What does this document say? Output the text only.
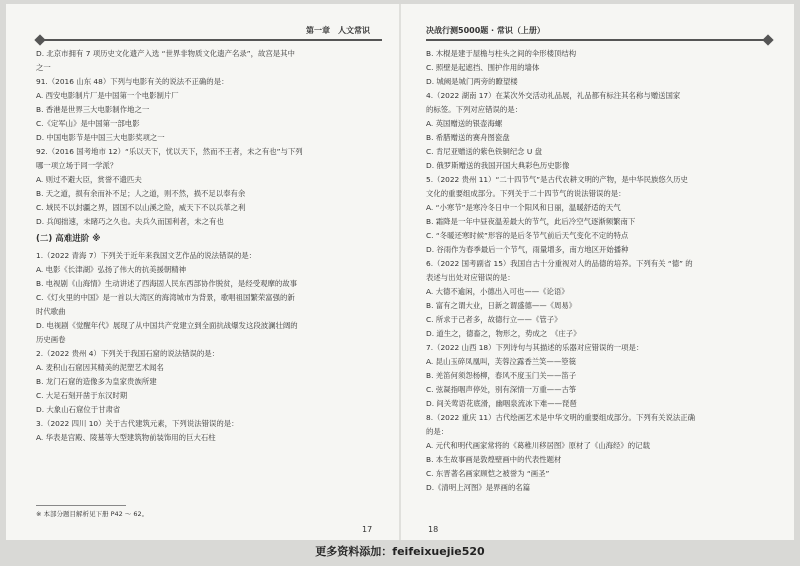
第一章　人文常识
D. 北京市拥有 7 项历史文化遗产入选 “世界非物质文化遗产名录”，故宫是其中
之一
91.（2016 山东 48）下列与电影有关的说法不正确的是：
A. 西安电影制片厂是中国第一个电影制片厂
B. 香港是世界三大电影制作地之一
C.《定军山》是中国第一部电影
D. 中国电影节是中国三大电影奖项之一
92.（2016 国考地市 12）“乐以天下，忧以天下，然而不王者，未之有也”与下列
哪一项立场于同一学派？
A. 则过不避大臣，赏誉不遗匹夫
B. 天之道，损有余而补不足；人之道，则不然，损不足以奉有余
C. 域民不以封疆之界，固国不以山溪之险，威天下不以兵革之利
D. 兵闻拙速，未睹巧之久也。夫兵久而国利者，未之有也
(二) 高难进阶 ※
1.（2022 青海 7）下列关于近年来我国文艺作品的说法错误的是：
A. 电影《长津湖》弘扬了伟大的抗美援朝精神
B. 电视剧《山海情》生动讲述了西海固人民东西部协作脱贫，是经受观摩的故事
C.《灯火里的中国》是一首以大湾区的海湾城市为背景，歌唱祖国繁荣富强的新
时代歌曲
D. 电视剧《觉醒年代》展现了从中国共产党建立到全面抗战爆发这段波澜壮阔的
历史画卷
2.（2022 贵州 4）下列关于我国石窟的说法错误的是：
A. 麦积山石窟因其精美的泥塑艺术闻名
B. 龙门石窟的造像多为皇家贵族所建
C. 大足石刻开凿于东汉时期
D. 大象山石窟位于甘肃省
3.（2022 四川 10）关于古代建筑元素，下列说法错误的是：
A. 华表是宫殿、陵墓等大型建筑物前装饰用的巨大石柱
※ 本部分题目解析见下册 P42 ～ 62。
17
决战行测5000题 · 常识（上册）
B. 木棍是建于屋檐与柱头之间的伞形楼顶结构
C. 照壁是起遮挡、围护作用的墙体
D. 城阙是城门两旁的瞭望楼
4.（2022 湖南 17）在某次外交活动礼品展，礼品都有标注其名称与赠送国家
的标签。下列对应错误的是：
A. 英国赠送的银壶海螺
B. 希腊赠送的赛舟图瓷盘
C. 肯尼亚赠送的紫色铁铜纪念 U 盘
D. 俄罗斯赠送的我国开国大典彩色历史影像
5.（2022 贵州 11）“二十四节气”是古代农耕文明的产物，是中华民族悠久历史
文化的重要组成部分。下列关于二十四节气的说法错误的是：
A. “小寒节”是寒冷冬日中一个阳风和日丽，温暖舒适的天气
B. 霜降是一年中昼夜温差最大的节气，此后冷空气逐渐频繁南下
C. “冬暖还寒时候”形容的是后冬节气前后天气变化不定的特点
D. 谷雨作为春季最后一个节气，雨量增多，南方地区开始播种
6.（2022 国考副省 15）我国自古十分重视对人的品德的培养。下列有关 “德” 的
表述与出处对应错误的是：
A. 大德不逾闲，小德出入可也——《论语》
B. 富有之谓大业，日新之谓盛德——《周易》
C. 所求于己者多，故德行立——《管子》
D. 道生之，德畜之，物形之，势成之　《庄子》
7.（2022 山西 18）下列诗句与其描述的乐器对应错误的一项是：
A. 昆山玉碎凤凰叫，芙蓉泣露香兰笑——箜篌
B. 羌笛何须怨杨柳，春风不度玉门关——笛子
C. 弦凝指咽声停处，别有深情一万重——古筝
D. 间关莺语花底滑，幽咽泉流冰下难——琵琶
8.（2022 重庆 11）古代绘画艺术是中华文明的重要组成部分。下列有关说法正确
的是：
A. 元代和明代画家常将的《葛稚川移居图》原材了《山海经》的记载
B. 本生故事画是敦煌壁画中的代表性题材
C. 东晋著名画家顾恺之被誉为 “画圣”
D.《清明上河图》是界画的名篇
18
更多资料添加：feifeixuejie520
